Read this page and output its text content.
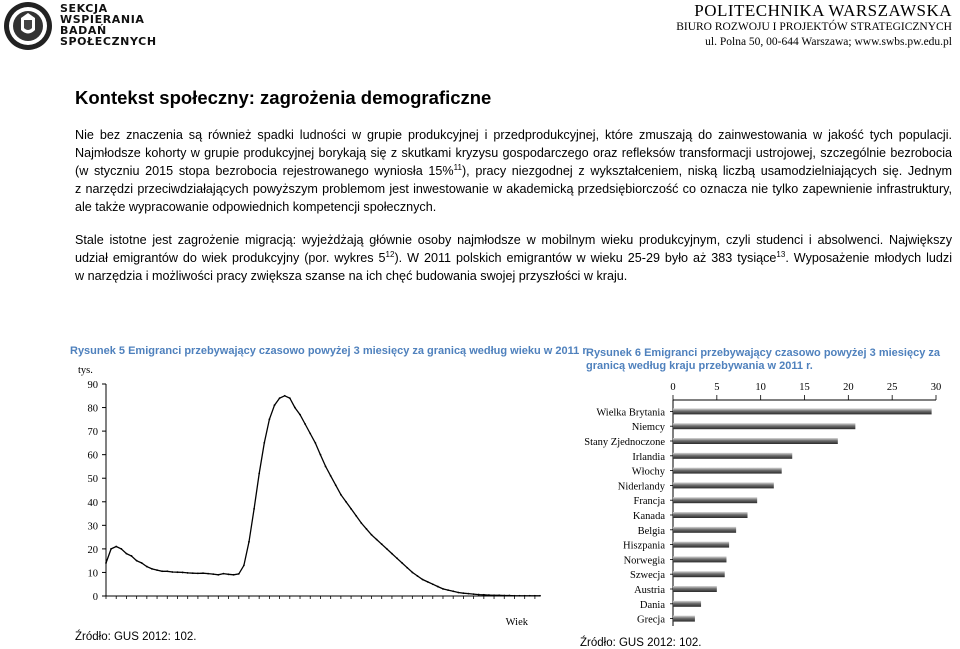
SEKCJA
WSPIERANIA
BADAŃ
SPOŁECZNYCH
POLITECHNIKA WARSZAWSKA
BIURO ROZWOJU I PROJEKTÓW STRATEGICZNYCH
ul. Polna 50, 00-644 Warszawa; www.swbs.pw.edu.pl
Kontekst społeczny: zagrożenia demograficzne
Nie bez znaczenia są również spadki ludności w grupie produkcyjnej i przedprodukcyjnej, które zmuszają do zainwestowania w jakość tych populacji.
Najmłodsze kohorty w grupie produkcyjnej borykają się z skutkami kryzysu gospodarczego oraz refleksów transformacji ustrojowej, szczególnie bezrobocia
(w styczniu 2015 stopa bezrobocia rejestrowanego wyniosła 15%$^{11}$), pracy niezgodnej z wykształceniem, niską liczbą usamodzielniających się. Jednym
z narzędzi przeciwdziałających powyższym problemom jest inwestowanie w akademicką przedsiębiorczość co oznacza nie tylko zapewnienie infrastruktury,
ale także wypracowanie odpowiednich kompetencji społecznych.
Stale istotne jest zagrożenie migracją: wyjeżdżają głównie osoby najmłodsze w mobilnym wieku produkcyjnym, czyli studenci i absolwenci. Największy
udział emigrantów do wiek produkcyjny (por. wykres $5^{12}$). W 2011 polskich emigrantów w wieku 25-29 było aż 383 tysiące$^{13}$. Wyposażenie młodych ludzi
w narzędzia i możliwości pracy zwiększa szanse na ich chęć budowania swojej przyszłości w kraju.
Rysunek 5 Emigranci przebywający czasowo powyżej 3 miesięcy za granicą według wieku w 2011 r.
tys.
0
10
20
30
40
50
60
70
80
90
Wiek
Źródło: GUS 2012: 102.
Rysunek 6 Emigranci przebywający czasowo powyżej 3 miesięcy za granicą według kraju przebywania w 2011 r.
0	5	10	15	20	25	30
Wielka Brytania
Niemcy
Stany Zjednoczone
Irlandia
Włochy
Niderlandy
Francja
Kanada
Belgia
Hiszpania
Norwegia
Szwecja
Austria
Dania
Grecja
Źródło: GUS 2012: 102.
